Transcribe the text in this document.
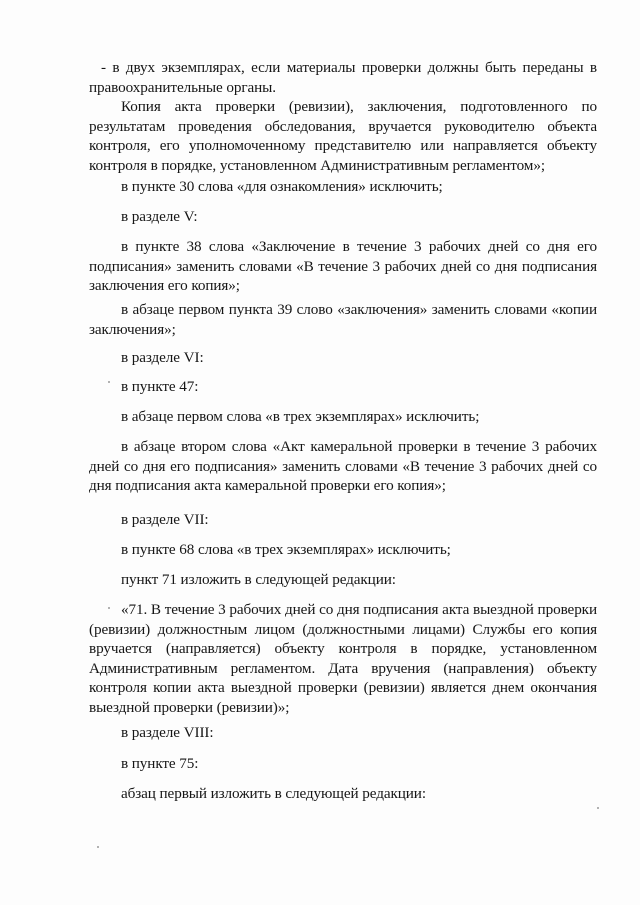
- в двух экземплярах, если материалы проверки должны быть переданы в правоохранительные органы.

Копия акта проверки (ревизии), заключения, подготовленного по результатам проведения обследования, вручается руководителю объекта контроля, его уполномоченному представителю или направляется объекту контроля в порядке, установленном Административным регламентом»;

в пункте 30 слова «для ознакомления» исключить;

в разделе V:

в пункте 38 слова «Заключение в течение 3 рабочих дней со дня его подписания» заменить словами «В течение 3 рабочих дней со дня подписания заключения его копия»;

в абзаце первом пункта 39 слово «заключения» заменить словами «копии заключения»;

в разделе VI:

в пункте 47:

в абзаце первом слова «в трех экземплярах» исключить;

в абзаце втором слова «Акт камеральной проверки в течение 3 рабочих дней со дня его подписания» заменить словами «В течение 3 рабочих дней со дня подписания акта камеральной проверки его копия»;

в разделе VII:

в пункте 68 слова «в трех экземплярах» исключить;

пункт 71 изложить в следующей редакции:

«71. В течение 3 рабочих дней со дня подписания акта выездной проверки (ревизии) должностным лицом (должностными лицами) Службы его копия вручается (направляется) объекту контроля в порядке, установленном Административным регламентом. Дата вручения (направления) объекту контроля копии акта выездной проверки (ревизии) является днем окончания выездной проверки (ревизии)»;

в разделе VIII:

в пункте 75:

абзац первый изложить в следующей редакции:
